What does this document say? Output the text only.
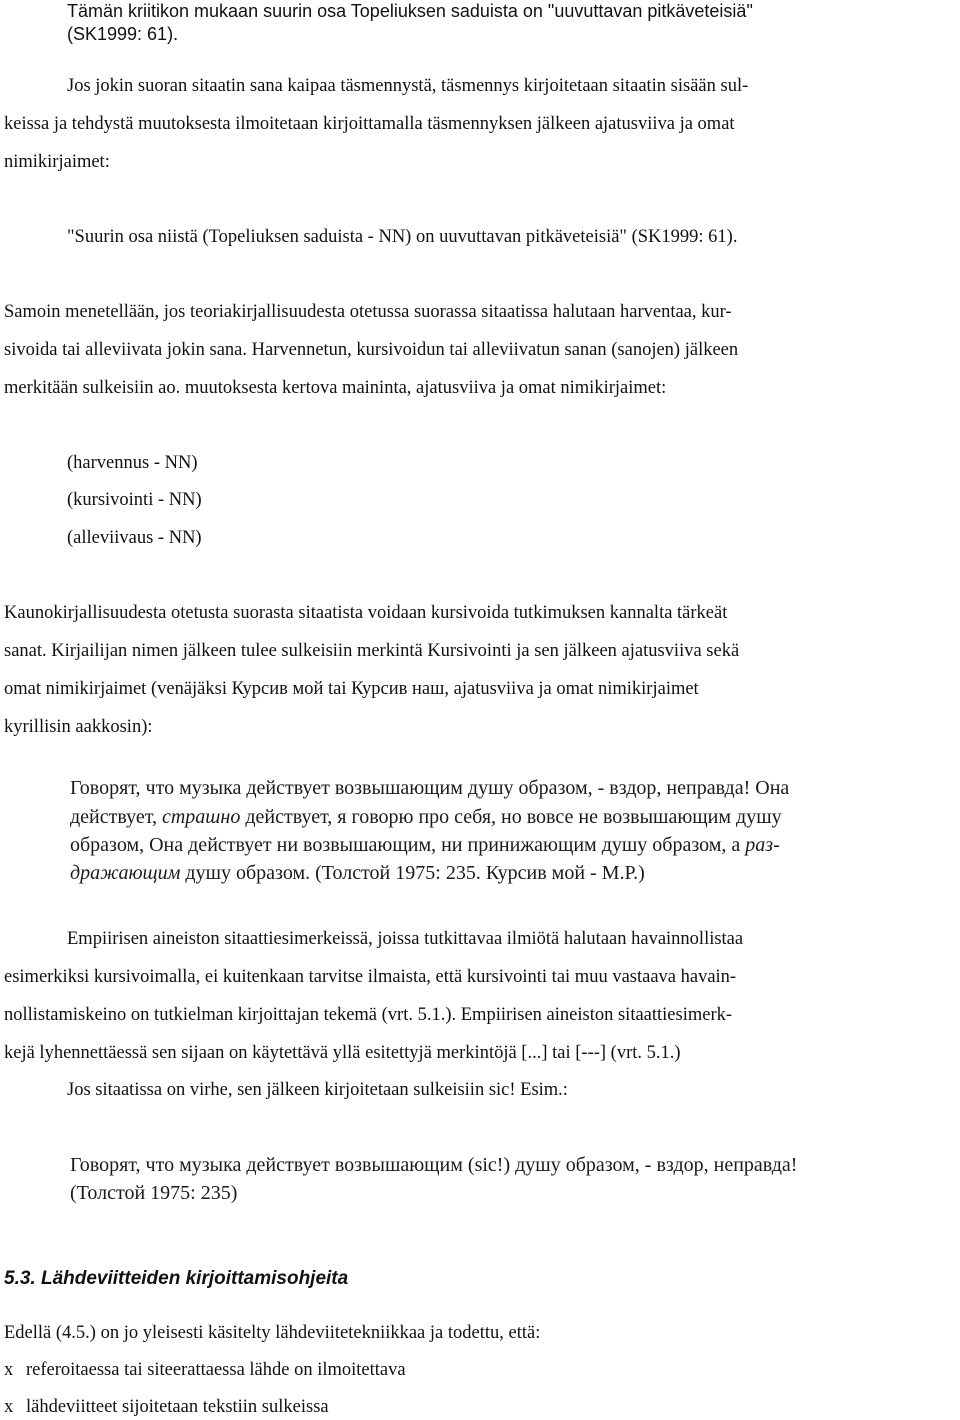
Tämän kriitikon mukaan suurin osa Topeliuksen saduista on "uuvuttavan pitkäveteisiä"
(SK1999: 61).
Jos jokin suoran sitaatin sana kaipaa täsmennystä, täsmennys kirjoitetaan sitaatin sisään sul-
keissa ja tehdystä muutoksesta ilmoitetaan kirjoittamalla täsmennyksen jälkeen ajatusviiva ja omat
nimikirjaimet:
"Suurin osa niistä (Topeliuksen saduista - NN) on uuvuttavan pitkäveteisiä" (SK1999: 61).
Samoin menetellään, jos teoriakirjallisuudesta otetussa suorassa sitaatissa halutaan harventaa, kur-
sivoida tai alleviivata jokin sana. Harvennetun, kursivoidun tai alleviivatun sanan (sanojen) jälkeen
merkitään sulkeisiin ao. muutoksesta kertova maininta, ajatusviiva ja omat nimikirjaimet:
(harvennus - NN)
(kursivointi - NN)
(alleviivaus - NN)
Kaunokirjallisuudesta otetusta suorasta sitaatista voidaan kursivoida tutkimuksen kannalta tärkeät
sanat. Kirjailijan nimen jälkeen tulee sulkeisiin merkintä Kursivointi ja sen jälkeen ajatusviiva sekä
omat nimikirjaimet (venäjäksi Курсив мой tai Курсив наш, ajatusviiva ja omat nimikirjaimet
kyrillisin aakkosin):
Говорят, что музыка действует возвышающим душу образом, - вздор, неправда! Она
действует, страшно действует, я говорю про себя, но вовсе не возвышающим душу
образом, Она действует ни возвышающим, ни принижающим душу образом, а раз-
дражающим душу образом. (Толстой 1975: 235. Курсив мой - М.Р.)
Empiirisen aineiston sitaattiesimerkeissä, joissa tutkittavaa ilmiötä halutaan havainnollistaa
esimerkiksi kursivoimalla, ei kuitenkaan tarvitse ilmaista, että kursivointi tai muu vastaava havain-
nollistamiskeino on tutkielman kirjoittajan tekemä (vrt. 5.1.). Empiirisen aineiston sitaattiesimerk-
kejä lyhennettäessä sen sijaan on käytettävä yllä esitettyjä merkintöjä [...] tai [---] (vrt. 5.1.)
Jos sitaatissa on virhe, sen jälkeen kirjoitetaan sulkeisiin sic! Esim.:
Говорят, что музыка действует возвышающим (sic!) душу образом, - вздор, неправда!
(Толстой 1975: 235)
5.3. Lähdeviitteiden kirjoittamisohjeita
Edellä (4.5.) on jo yleisesti käsitelty lähdeviitetekniikkaa ja todettu, että:
x referoitaessa tai siteerattaessa lähde on ilmoitettava
x lähdeviitteet sijoitetaan tekstiin sulkeissa
